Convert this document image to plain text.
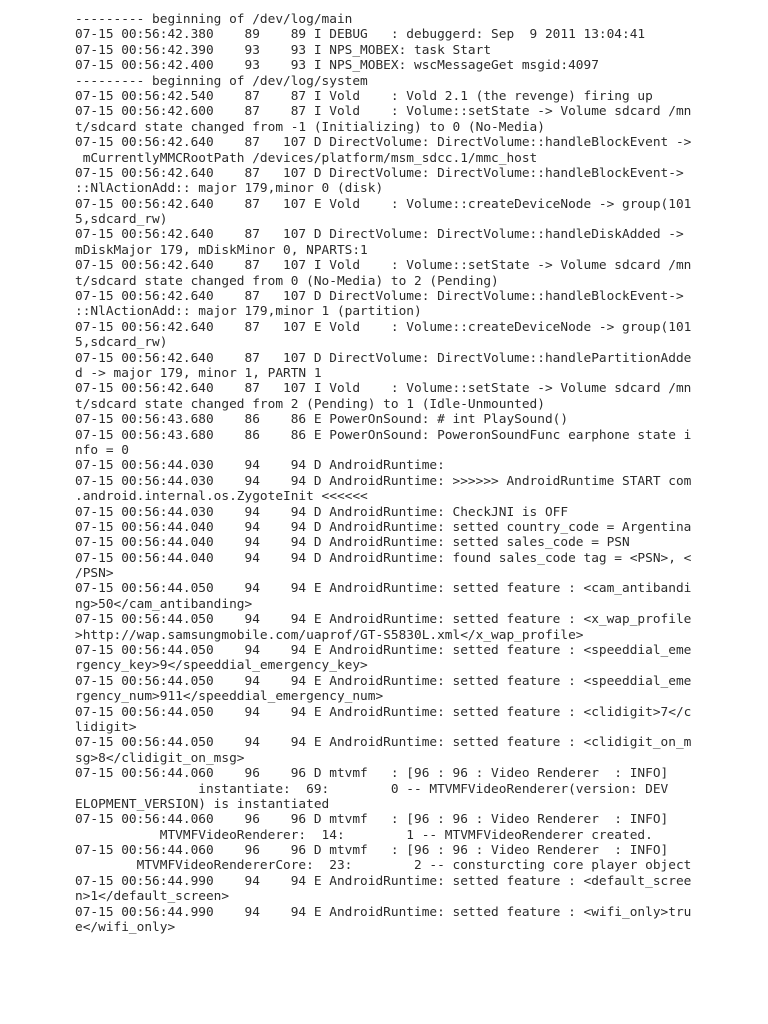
--------- beginning of /dev/log/main

07-15 00:56:42.380    89    89 I DEBUG   : debuggerd: Sep  9 2011 13:04:41

07-15 00:56:42.390    93    93 I NPS_MOBEX: task Start

07-15 00:56:42.400    93    93 I NPS_MOBEX: wscMessageGet msgid:4097

--------- beginning of /dev/log/system

07-15 00:56:42.540    87    87 I Vold    : Vold 2.1 (the revenge) firing up

07-15 00:56:42.600    87    87 I Vold    : Volume::setState -> Volume sdcard /mn

t/sdcard state changed from -1 (Initializing) to 0 (No-Media)

07-15 00:56:42.640    87   107 D DirectVolume: DirectVolume::handleBlockEvent ->

mCurrentlyMMCRootPath /devices/platform/msm_sdcc.1/mmc_host

07-15 00:56:42.640    87   107 D DirectVolume: DirectVolume::handleBlockEvent->

::NlActionAdd:: major 179,minor 0 (disk)

07-15 00:56:42.640    87   107 E Vold    : Volume::createDeviceNode -> group(101

5,sdcard_rw)

07-15 00:56:42.640    87   107 D DirectVolume: DirectVolume::handleDiskAdded ->

mDiskMajor 179, mDiskMinor 0, NPARTS:1

07-15 00:56:42.640    87   107 I Vold    : Volume::setState -> Volume sdcard /mn

t/sdcard state changed from 0 (No-Media) to 2 (Pending)

07-15 00:56:42.640    87   107 D DirectVolume: DirectVolume::handleBlockEvent->

::NlActionAdd:: major 179,minor 1 (partition)

07-15 00:56:42.640    87   107 E Vold    : Volume::createDeviceNode -> group(101

5,sdcard_rw)

07-15 00:56:42.640    87   107 D DirectVolume: DirectVolume::handlePartitionAdde

d -> major 179, minor 1, PARTN 1

07-15 00:56:42.640    87   107 I Vold    : Volume::setState -> Volume sdcard /mn

t/sdcard state changed from 2 (Pending) to 1 (Idle-Unmounted)

07-15 00:56:43.680    86    86 E PowerOnSound: # int PlaySound()

07-15 00:56:43.680    86    86 E PowerOnSound: PoweronSoundFunc earphone state i

nfo = 0

07-15 00:56:44.030    94    94 D AndroidRuntime:

07-15 00:56:44.030    94    94 D AndroidRuntime: >>>>>> AndroidRuntime START com

.android.internal.os.ZygoteInit <<<<<<

07-15 00:56:44.030    94    94 D AndroidRuntime: CheckJNI is OFF

07-15 00:56:44.040    94    94 D AndroidRuntime: setted country_code = Argentina

07-15 00:56:44.040    94    94 D AndroidRuntime: setted sales_code = PSN

07-15 00:56:44.040    94    94 D AndroidRuntime: found sales_code tag = <PSN>, <

/PSN>

07-15 00:56:44.050    94    94 E AndroidRuntime: setted feature : <cam_antibandi

ng>50</cam_antibanding>

07-15 00:56:44.050    94    94 E AndroidRuntime: setted feature : <x_wap_profile

>http://wap.samsungmobile.com/uaprof/GT-S5830L.xml</x_wap_profile>

07-15 00:56:44.050    94    94 E AndroidRuntime: setted feature : <speeddial_eme

rgency_key>9</speeddial_emergency_key>

07-15 00:56:44.050    94    94 E AndroidRuntime: setted feature : <speeddial_eme

rgency_num>911</speeddial_emergency_num>

07-15 00:56:44.050    94    94 E AndroidRuntime: setted feature : <clidigit>7</c

lidigit>

07-15 00:56:44.050    94    94 E AndroidRuntime: setted feature : <clidigit_on_m

sg>8</clidigit_on_msg>

07-15 00:56:44.060    96    96 D mtvmf   : [96 : 96 : Video Renderer  : INFO]

instantiate:  69:        0 -- MTVMFVideoRenderer(version: DEV

ELOPMENT_VERSION) is instantiated

07-15 00:56:44.060    96    96 D mtvmf   : [96 : 96 : Video Renderer  : INFO]

MTVMFVideoRenderer:  14:        1 -- MTVMFVideoRenderer created.

07-15 00:56:44.060    96    96 D mtvmf   : [96 : 96 : Video Renderer  : INFO]

MTVMFVideoRendererCore:  23:        2 -- consturcting core player object

07-15 00:56:44.990    94    94 E AndroidRuntime: setted feature : <default_scree

n>1</default_screen>

07-15 00:56:44.990    94    94 E AndroidRuntime: setted feature : <wifi_only>tru

e</wifi_only>
